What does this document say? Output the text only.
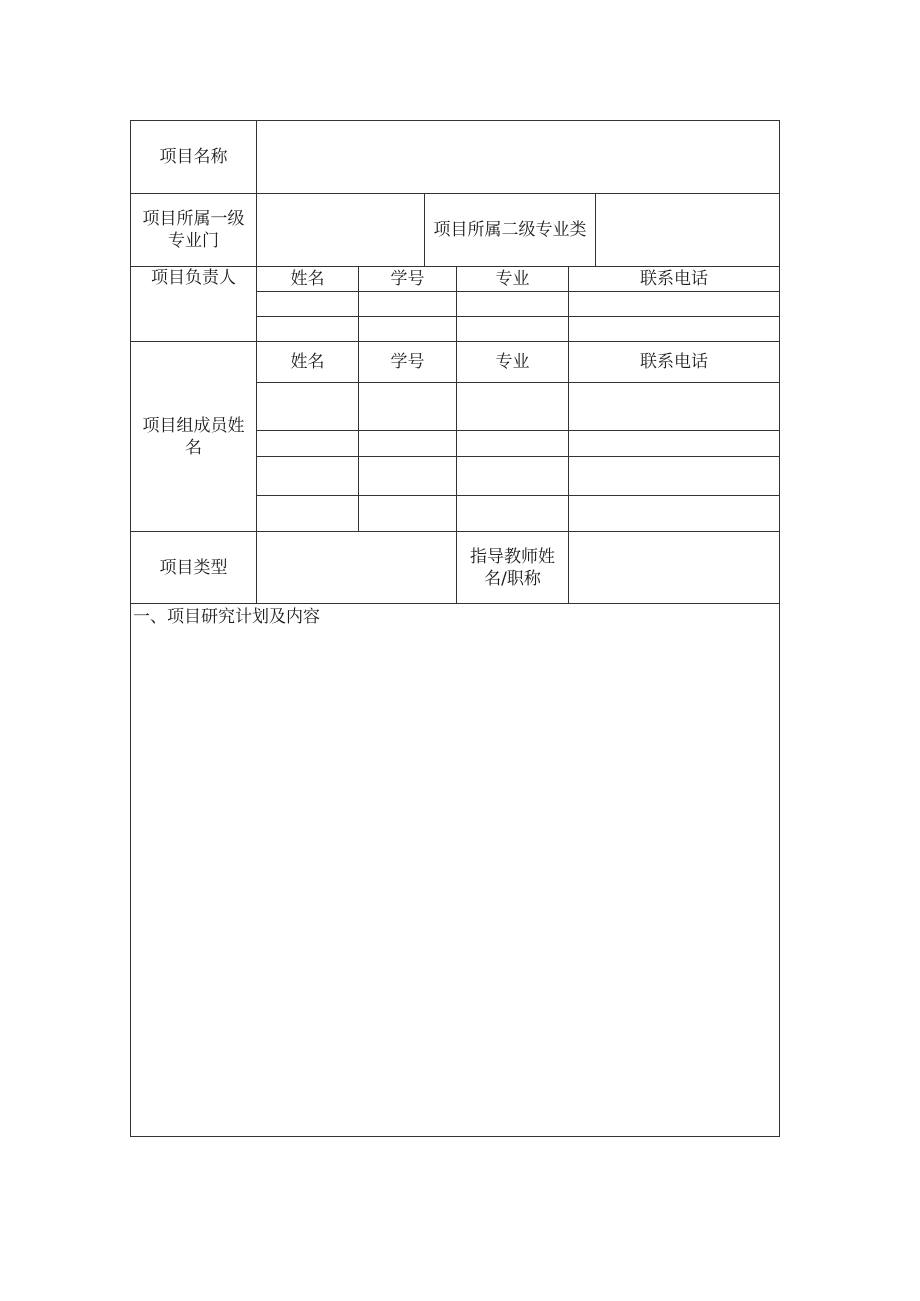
项目名称						
项目所属一级专业门			项目所属二级专业类			
项目负责人	姓名	学号		专业	联系电话	

项目组成员姓名	姓名	学号		专业	联系电话	

项目类型				指导教师姓名/职称		

一、项目研究计划及内容						
